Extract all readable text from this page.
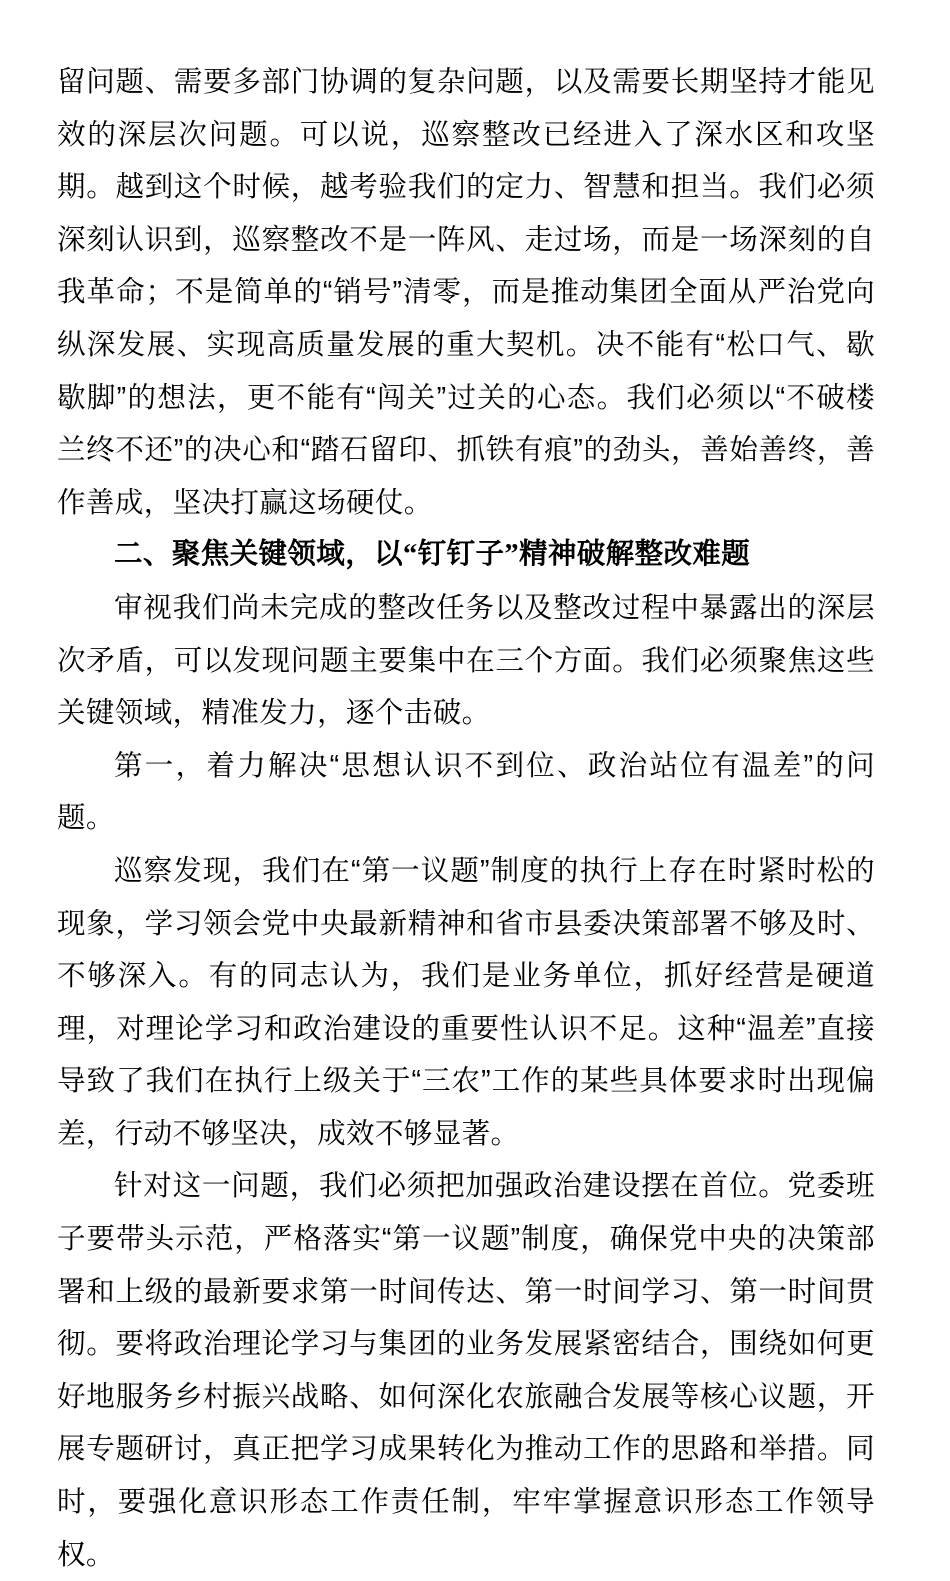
留问题、需要多部门协调的复杂问题，以及需要长期坚持才能见效的深层次问题。可以说，巡察整改已经进入了深水区和攻坚期。越到这个时候，越考验我们的定力、智慧和担当。我们必须深刻认识到，巡察整改不是一阵风、走过场，而是一场深刻的自我革命；不是简单的“销号”清零，而是推动集团全面从严治党向纵深发展、实现高质量发展的重大契机。决不能有“松口气、歇歇脚”的想法，更不能有“闯关”过关的心态。我们必须以“不破楼兰终不还”的决心和“踏石留印、抓铁有痕”的劲头，善始善终，善作善成，坚决打赢这场硬仗。

二、聚焦关键领域，以“钉钉子”精神破解整改难题

审视我们尚未完成的整改任务以及整改过程中暴露出的深层次矛盾，可以发现问题主要集中在三个方面。我们必须聚焦这些关键领域，精准发力，逐个击破。

第一，着力解决“思想认识不到位、政治站位有温差”的问题。

巡察发现，我们在“第一议题”制度的执行上存在时紧时松的现象，学习领会党中央最新精神和省市县委决策部署不够及时、不够深入。有的同志认为，我们是业务单位，抓好经营是硬道理，对理论学习和政治建设的重要性认识不足。这种“温差”直接导致了我们在执行上级关于“三农”工作的某些具体要求时出现偏差，行动不够坚决，成效不够显著。

针对这一问题，我们必须把加强政治建设摆在首位。党委班子要带头示范，严格落实“第一议题”制度，确保党中央的决策部署和上级的最新要求第一时间传达、第一时间学习、第一时间贯彻。要将政治理论学习与集团的业务发展紧密结合，围绕如何更好地服务乡村振兴战略、如何深化农旅融合发展等核心议题，开展专题研讨，真正把学习成果转化为推动工作的思路和举措。同时，要强化意识形态工作责任制，牢牢掌握意识形态工作领导权。
